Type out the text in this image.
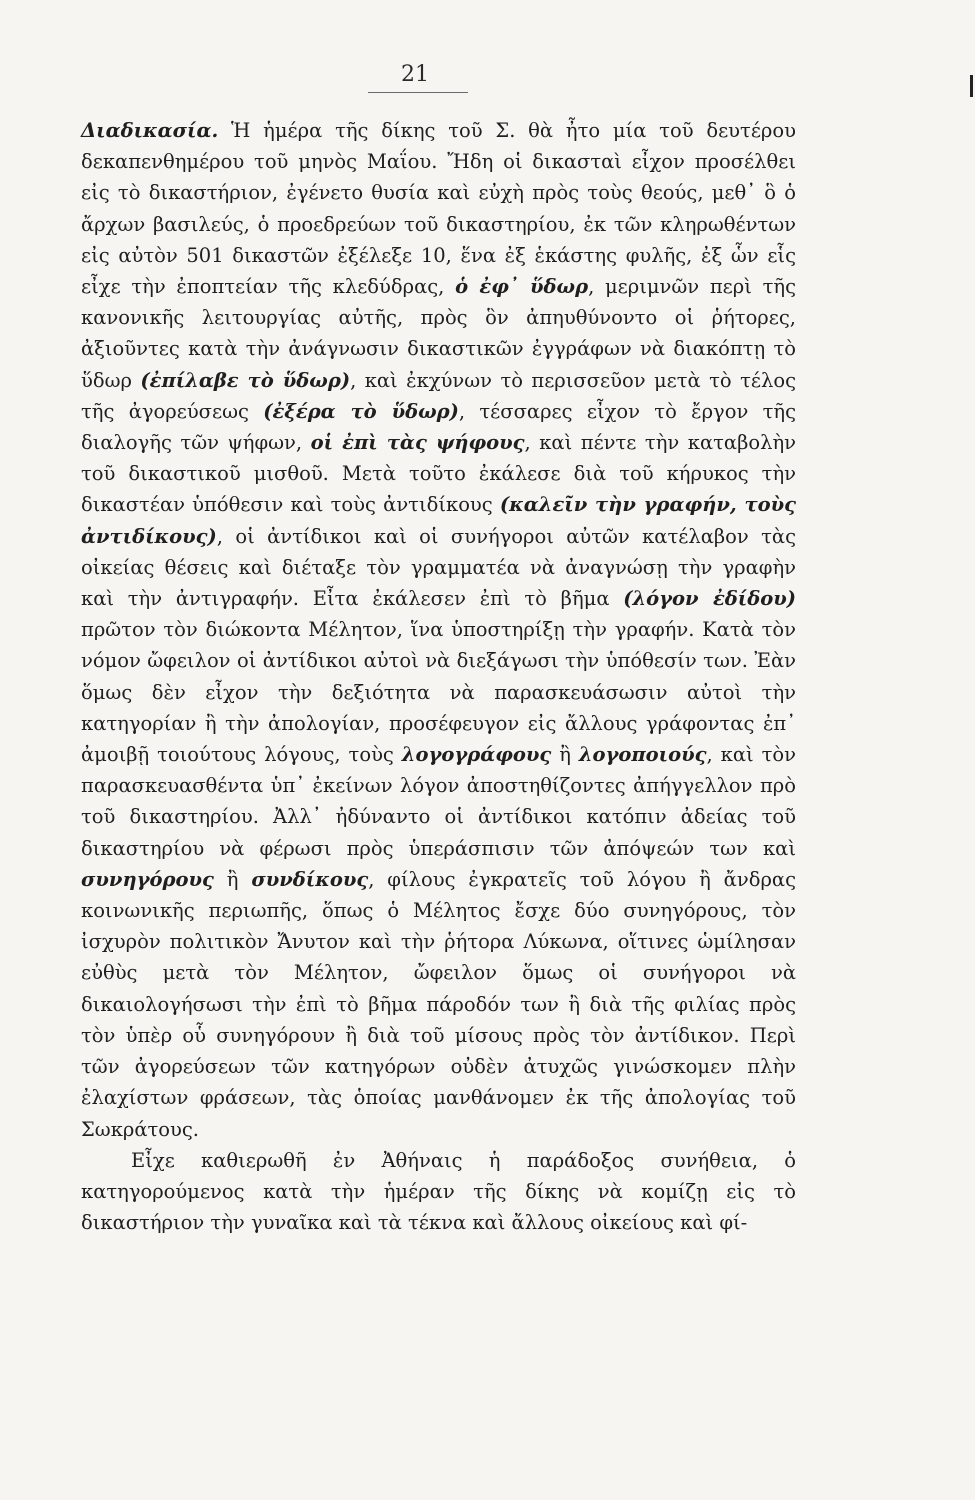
21

Διαδικασία. Ἡ ἡμέρα τῆς δίκης τοῦ Σ. θὰ ἦτο μία τοῦ δευτέρου δεκαπενθημέρου τοῦ μηνὸς Μαΐου. Ἤδη οἱ δικασταὶ εἶχον προσέλθει εἰς τὸ δικαστήριον, ἐγένετο θυσία καὶ εὐχὴ πρὸς τοὺς θεούς, μεθ᾽ ὃ ὁ ἄρχων βασιλεύς, ὁ προεδρεύων τοῦ δικαστηρίου, ἐκ τῶν κληρωθέντων εἰς αὐτὸν 501 δικαστῶν ἐξέλεξε 10, ἕνα ἐξ ἑκάστης φυλῆς, ἐξ ὧν εἷς εἶχε τὴν ἐποπτείαν τῆς κλεδύδρας, ὁ ἐφ᾽ ὕδωρ, μεριμνῶν περὶ τῆς κανονικῆς λειτουργίας αὐτῆς, πρὸς ὃν ἀπηυθύνοντο οἱ ῥήτορες, ἀξιοῦντες κατὰ τὴν ἀνάγνωσιν δικαστικῶν ἐγγράφων νὰ διακόπτῃ τὸ ὕδωρ (ἐπίλαβε τὸ ὕδωρ), καὶ ἐκχύνων τὸ περισσεῦον μετὰ τὸ τέλος τῆς ἀγορεύσεως (ἐξέρα τὸ ὕδωρ), τέσσαρες εἶχον τὸ ἔργον τῆς διαλογῆς τῶν ψήφων, οἱ ἐπὶ τὰς ψήφους, καὶ πέντε τὴν καταβολὴν τοῦ δικαστικοῦ μισθοῦ. Μετὰ τοῦτο ἐκάλεσε διὰ τοῦ κήρυκος τὴν δικαστέαν ὑπόθεσιν καὶ τοὺς ἀντιδίκους (καλεῖν τὴν γραφήν, τοὺς ἀντιδίκους), οἱ ἀντίδικοι καὶ οἱ συνήγοροι αὐτῶν κατέλαβον τὰς οἰκείας θέσεις καὶ διέταξε τὸν γραμματέα νὰ ἀναγνώσῃ τὴν γραφὴν καὶ τὴν ἀντιγραφήν. Εἶτα ἐκάλεσεν ἐπὶ τὸ βῆμα (λόγον ἐδίδου) πρῶτον τὸν διώκοντα Μέλητον, ἵνα ὑποστηρίξῃ τὴν γραφήν. Κατὰ τὸν νόμον ὤφειλον οἱ ἀντίδικοι αὐτοὶ νὰ διεξάγωσι τὴν ὑπόθεσίν των. Ἐὰν ὅμως δὲν εἶχον τὴν δεξιότητα νὰ παρασκευάσωσιν αὐτοὶ τὴν κατηγορίαν ἢ τὴν ἀπολογίαν, προσέφευγον εἰς ἄλλους γράφοντας ἐπ᾽ ἀμοιβῇ τοιούτους λόγους, τοὺς λογογράφους ἢ λογοποιούς, καὶ τὸν παρασκευασθέντα ὑπ᾽ ἐκείνων λόγον ἀποστηθίζοντες ἀπήγγελλον πρὸ τοῦ δικαστηρίου. Ἀλλ᾽ ἠδύναντο οἱ ἀντίδικοι κατόπιν ἀδείας τοῦ δικαστηρίου νὰ φέρωσι πρὸς ὑπεράσπισιν τῶν ἀπόψεών των καὶ συνηγόρους ἢ συνδίκους, φίλους ἐγκρατεῖς τοῦ λόγου ἢ ἄνδρας κοινωνικῆς περιωπῆς, ὅπως ὁ Μέλητος ἔσχε δύο συνηγόρους, τὸν ἰσχυρὸν πολιτικὸν Ἄνυτον καὶ τὴν ῥήτορα Λύκωνα, οἵτινες ὡμίλησαν εὐθὺς μετὰ τὸν Μέλητον, ὤφειλον ὅμως οἱ συνήγοροι νὰ δικαιολογήσωσι τὴν ἐπὶ τὸ βῆμα πάροδόν των ἢ διὰ τῆς φιλίας πρὸς τὸν ὑπὲρ οὗ συνηγόρουν ἢ διὰ τοῦ μίσους πρὸς τὸν ἀντίδικον. Περὶ τῶν ἀγορεύσεων τῶν κατηγόρων οὐδὲν ἀτυχῶς γινώσκομεν πλὴν ἐλαχίστων φράσεων, τὰς ὁποίας μανθάνομεν ἐκ τῆς ἀπολογίας τοῦ Σωκράτους.

Εἶχε καθιερωθῆ ἐν Ἀθήναις ἡ παράδοξος συνήθεια, ὁ κατηγορούμενος κατὰ τὴν ἡμέραν τῆς δίκης νὰ κομίζῃ εἰς τὸ δικαστήριον τὴν γυναῖκα καὶ τὰ τέκνα καὶ ἄλλους οἰκείους καὶ φί-
